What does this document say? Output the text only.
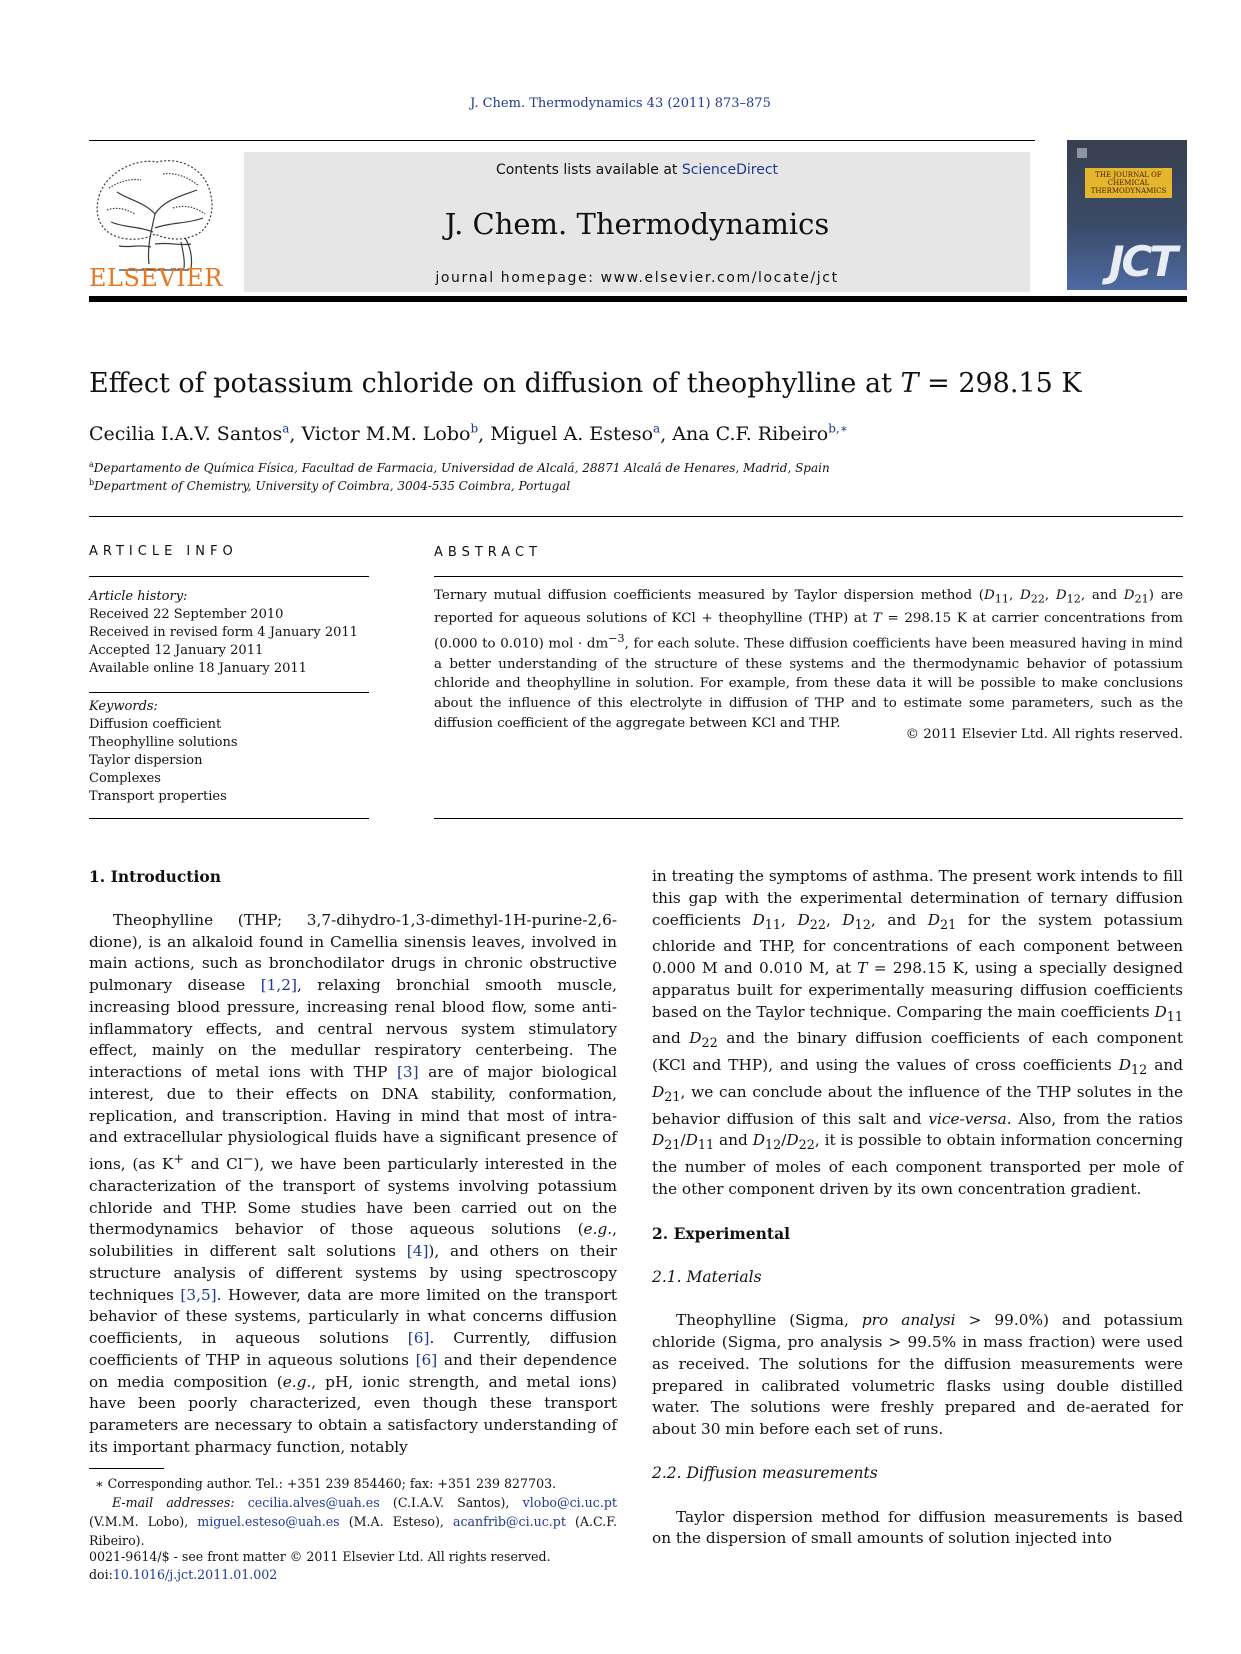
J. Chem. Thermodynamics 43 (2011) 873–875
ELSEVIER
Contents lists available at ScienceDirect
J. Chem. Thermodynamics
journal homepage: www.elsevier.com/locate/jct
THE JOURNAL OF CHEMICAL THERMODYNAMICS
JCT
Effect of potassium chloride on diffusion of theophylline at T = 298.15 K
Cecilia I.A.V. Santos$^a$, Victor M.M. Lobo$^b$, Miguel A. Esteso$^a$, Ana C.F. Ribeiro$^{b,∗}$
$^a$Departamento de Química Física, Facultad de Farmacia, Universidad de Alcalá, 28871 Alcalá de Henares, Madrid, Spain
$^b$Department of Chemistry, University of Coimbra, 3004-535 Coimbra, Portugal
ARTICLE INFO	ABSTRACT
Article history:
Received 22 September 2010
Received in revised form 4 January 2011
Accepted 12 January 2011
Available online 18 January 2011
Keywords:
Diffusion coefficient
Theophylline solutions
Taylor dispersion
Complexes
Transport properties
Ternary mutual diffusion coefficients measured by Taylor dispersion method ($D_{11}$, $D_{22}$, $D_{12}$, and $D_{21}$) are reported for aqueous solutions of KCl + theophylline (THP) at T = 298.15 K at carrier concentrations from (0.000 to 0.010) mol · $dm^{-3}$, for each solute. These diffusion coefficients have been measured having in mind a better understanding of the structure of these systems and the thermodynamic behavior of potassium chloride and theophylline in solution. For example, from these data it will be possible to make conclusions about the influence of this electrolyte in diffusion of THP and to estimate some parameters, such as the diffusion coefficient of the aggregate between KCl and THP.
© 2011 Elsevier Ltd. All rights reserved.

1. Introduction

Theophylline (THP; 3,7-dihydro-1,3-dimethyl-1H-purine-2,6-dione), is an alkaloid found in Camellia sinensis leaves, involved in main actions, such as bronchodilator drugs in chronic obstructive pulmonary disease [1,2], relaxing bronchial smooth muscle, increasing blood pressure, increasing renal blood flow, some anti-inflammatory effects, and central nervous system stimulatory effect, mainly on the medullar respiratory centerbeing. The interactions of metal ions with THP [3] are of major biological interest, due to their effects on DNA stability, conformation, replication, and transcription. Having in mind that most of intra- and extracellular physiological fluids have a significant presence of ions, (as K+ and Cl−), we have been particularly interested in the characterization of the transport of systems involving potassium chloride and THP. Some studies have been carried out on the thermodynamics behavior of those aqueous solutions (e.g., solubilities in different salt solutions [4]), and others on their structure analysis of different systems by using spectroscopy techniques [3,5]. However, data are more limited on the transport behavior of these systems, particularly in what concerns diffusion coefficients, in aqueous solutions [6]. Currently, diffusion coefficients of THP in aqueous solutions [6] and their dependence on media composition (e.g., pH, ionic strength, and metal ions) have been poorly characterized, even though these transport parameters are necessary to obtain a satisfactory understanding of its important pharmacy function, notably

in treating the symptoms of asthma. The present work intends to fill this gap with the experimental determination of ternary diffusion coefficients $D_{11}$, $D_{22}$, $D_{12}$, and $D_{21}$ for the system potassium chloride and THP, for concentrations of each component between 0.000 M and 0.010 M, at T = 298.15 K, using a specially designed apparatus built for experimentally measuring diffusion coefficients based on the Taylor technique. Comparing the main coefficients $D_{11}$ and $D_{22}$ and the binary diffusion coefficients of each component (KCl and THP), and using the values of cross coefficients $D_{12}$ and $D_{21}$, we can conclude about the influence of the THP solutes in the behavior diffusion of this salt and vice-versa. Also, from the ratios $D_{21}/D_{11}$ and $D_{12}/D_{22}$, it is possible to obtain information concerning the number of moles of each component transported per mole of the other component driven by its own concentration gradient.

2. Experimental

2.1. Materials

Theophylline (Sigma, pro analysi > 99.0%) and potassium chloride (Sigma, pro analysis > 99.5% in mass fraction) were used as received. The solutions for the diffusion measurements were prepared in calibrated volumetric flasks using double distilled water. The solutions were freshly prepared and de-aerated for about 30 min before each set of runs.

2.2. Diffusion measurements

Taylor dispersion method for diffusion measurements is based on the dispersion of small amounts of solution injected into

∗ Corresponding author. Tel.: +351 239 854460; fax: +351 239 827703.
E-mail addresses: cecilia.alves@uah.es (C.I.A.V. Santos), vlobo@ci.uc.pt (V.M.M. Lobo), miguel.esteso@uah.es (M.A. Esteso), acanfrib@ci.uc.pt (A.C.F. Ribeiro).
0021-9614/$ - see front matter © 2011 Elsevier Ltd. All rights reserved.
doi:10.1016/j.jct.2011.01.002
